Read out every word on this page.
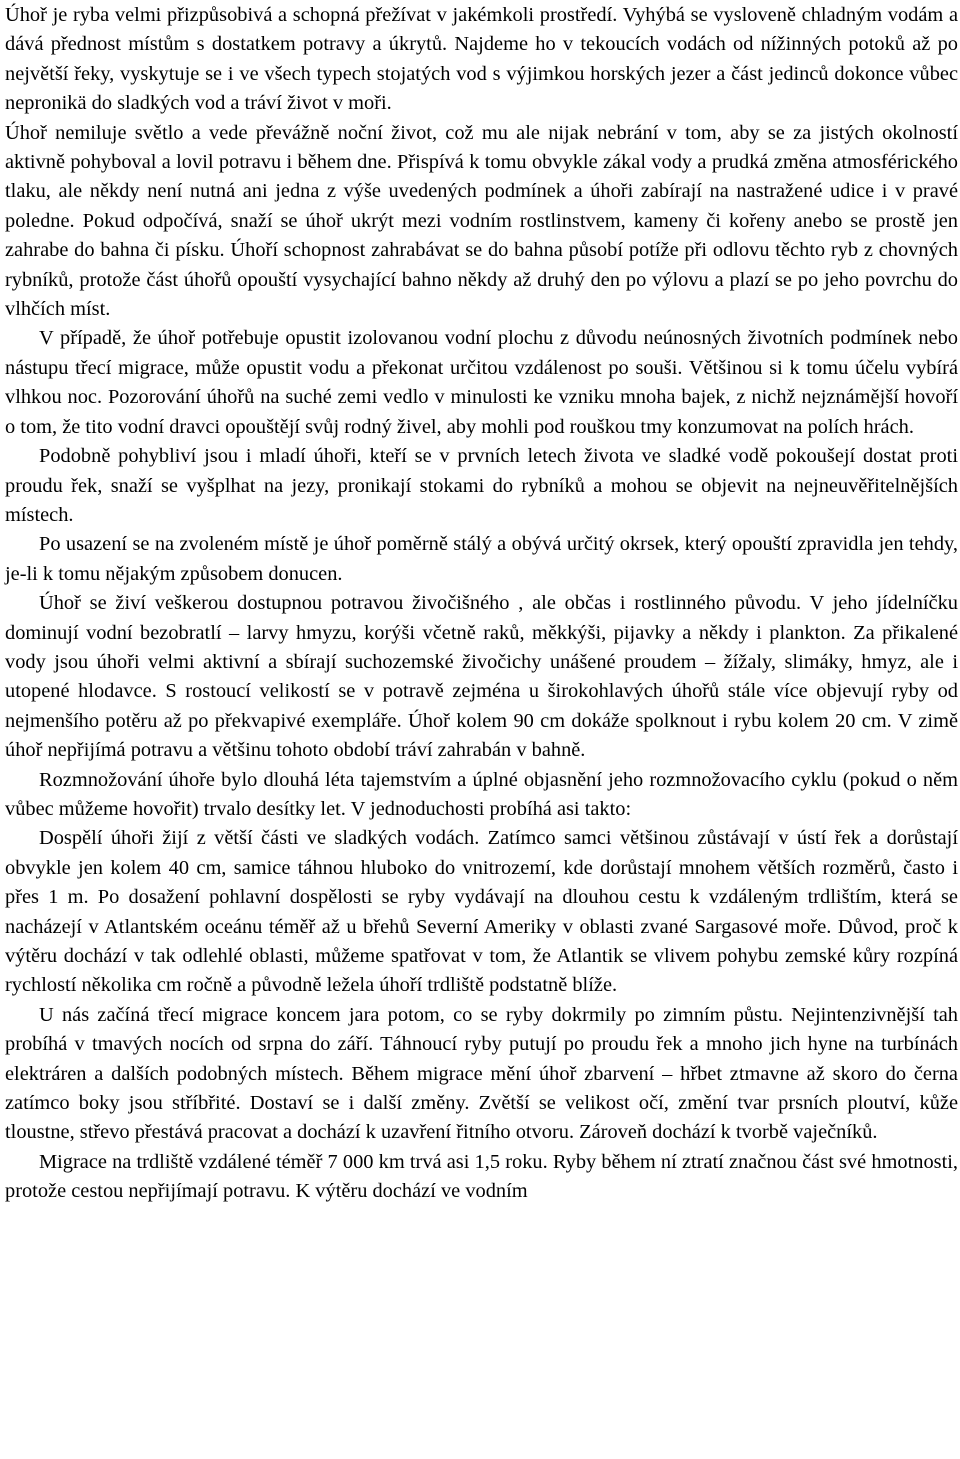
Úhoř je ryba velmi přizpůsobivá a schopná přežívat v jakémkoli prostředí. Vyhýbá se vysloveně chladným vodám a dává přednost místům s dostatkem potravy a úkrytů. Najdeme ho v tekoucích vodách od nížinných potoků až po největší řeky, vyskytuje se i ve všech typech stojatých vod s výjimkou horských jezer a část jedinců dokonce vůbec nepronikä do sladkých vod a tráví život v moři.

Úhoř nemiluje světlo a vede převážně noční život, což mu ale nijak nebrání v tom, aby se za jistých okolností aktivně pohyboval a lovil potravu i během dne. Přispívá k tomu obvykle zákal vody a prudká změna atmosférického tlaku, ale někdy není nutná ani jedna z výše uvedených podmínek a úhoři zabírají na nastražené udice i v pravé poledne. Pokud odpočívá, snaží se úhoř ukrýt mezi vodním rostlinstvem, kameny či kořeny anebo se prostě jen zahrabe do bahna či písku. Úhoří schopnost zahrabávat se do bahna působí potíže při odlovu těchto ryb z chovných rybníků, protože část úhořů opouští vysychající bahno někdy až druhý den po výlovu a plazí se po jeho povrchu do vlhčích míst.

V případě, že úhoř potřebuje opustit izolovanou vodní plochu z důvodu neúnosných životních podmínek nebo nástupu třecí migrace, může opustit vodu a překonat určitou vzdálenost po souši. Většinou si k tomu účelu vybírá vlhkou noc. Pozorování úhořů na suché zemi vedlo v minulosti ke vzniku mnoha bajek, z nichž nejznámější hovoří o tom, že tito vodní dravci opouštějí svůj rodný živel, aby mohli pod rouškou tmy konzumovat na polích hrách.

Podobně pohybliví jsou i mladí úhoři, kteří se v prvních letech života ve sladké vodě pokoušejí dostat proti proudu řek, snaží se vyšplhat na jezy, pronikají stokami do rybníků a mohou se objevit na nejneuvěřitelnějších místech.

Po usazení se na zvoleném místě je úhoř poměrně stálý a obývá určitý okrsek, který opouští zpravidla jen tehdy, je-li k tomu nějakým způsobem donucen.

Úhoř se živí veškerou dostupnou potravou živočišného , ale občas i rostlinného původu. V jeho jídelníčku dominují vodní bezobratlí – larvy hmyzu, korýši včetně raků, měkkýši, pijavky a někdy i plankton. Za přikalené vody jsou úhoři velmi aktivní a sbírají suchozemské živočichy unášené proudem – žížaly, slimáky, hmyz, ale i utopené hlodavce. S rostoucí velikostí se v potravě zejména u širokohlavých úhořů stále více objevují ryby od nejmenšího potěru až po překvapivé exempláře. Úhoř kolem 90 cm dokáže spolknout i rybu kolem 20 cm. V zimě úhoř nepřijímá potravu a většinu tohoto období tráví zahrabán v bahně.

Rozmnožování úhoře bylo dlouhá léta tajemstvím a úplné objasnění jeho rozmnožovacího cyklu (pokud o něm vůbec můžeme hovořit) trvalo desítky let. V jednoduchosti probíhá asi takto:

Dospělí úhoři žijí z větší části ve sladkých vodách. Zatímco samci většinou zůstávají v ústí řek a dorůstají obvykle jen kolem 40 cm, samice táhnou hluboko do vnitrozemí, kde dorůstají mnohem větších rozměrů, často i přes 1 m. Po dosažení pohlavní dospělosti se ryby vydávají na dlouhou cestu k vzdáleným trdlištím, která se nacházejí v Atlantském oceánu téměř až u břehů Severní Ameriky v oblasti zvané Sargasové moře. Důvod, proč k výtěru dochází v tak odlehlé oblasti, můžeme spatřovat v tom, že Atlantik se vlivem pohybu zemské kůry rozpíná rychlostí několika cm ročně a původně ležela úhoří trdliště podstatně blíže.

U nás začíná třecí migrace koncem jara potom, co se ryby dokrmily po zimním půstu. Nejintenzivnější tah probíhá v tmavých nocích od srpna do září. Táhnoucí ryby putují po proudu řek a mnoho jich hyne na turbínách elektráren a dalších podobných místech. Během migrace mění úhoř zbarvení – hřbet ztmavne až skoro do černa zatímco boky jsou stříbřité. Dostaví se i další změny. Zvětší se velikost očí, změní tvar prsních ploutví, kůže tloustne, střevo přestává pracovat a dochází k uzavření řitního otvoru. Zároveň dochází k tvorbě vaječníků.

Migrace na trdliště vzdálené téměř 7 000 km trvá asi 1,5 roku. Ryby během ní ztratí značnou část své hmotnosti, protože cestou nepřijímají potravu. K výtěru dochází ve vodním
